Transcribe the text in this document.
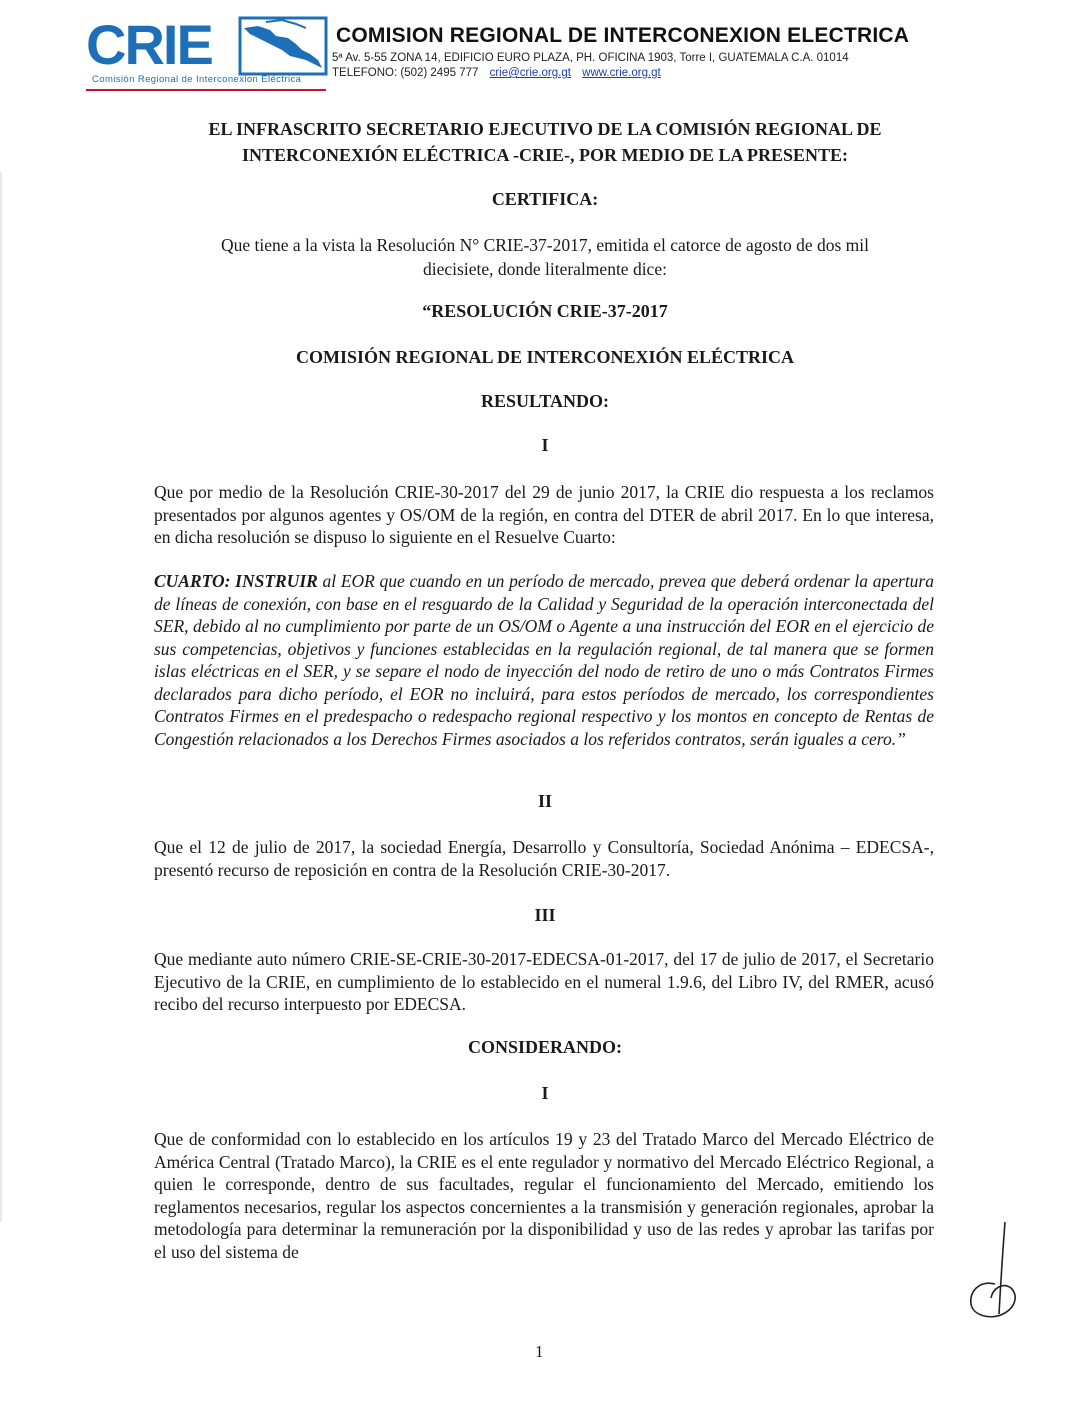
CRIE
Comisión Regional de Interconexion Eléctrica
COMISION REGIONAL DE INTERCONEXION ELECTRICA
5ª Av. 5-55 ZONA 14, EDIFICIO EURO PLAZA, PH. OFICINA 1903, Torre I, GUATEMALA C.A. 01014
TELEFONO: (502) 2495 777 crie@crie.org.gt www.crie.org.gt
EL INFRASCRITO SECRETARIO EJECUTIVO DE LA COMISIÓN REGIONAL DE
INTERCONEXIÓN ELÉCTRICA -CRIE-, POR MEDIO DE LA PRESENTE:
CERTIFICA:
Que tiene a la vista la Resolución N° CRIE-37-2017, emitida el catorce de agosto de dos mil
diecisiete, donde literalmente dice:
“RESOLUCIÓN CRIE-37-2017
COMISIÓN REGIONAL DE INTERCONEXIÓN ELÉCTRICA
RESULTANDO:
I
Que por medio de la Resolución CRIE-30-2017 del 29 de junio 2017, la CRIE dio respuesta a los reclamos presentados por algunos agentes y OS/OM de la región, en contra del DTER de abril 2017. En lo que interesa, en dicha resolución se dispuso lo siguiente en el Resuelve Cuarto:
CUARTO: INSTRUIR al EOR que cuando en un período de mercado, prevea que deberá ordenar la apertura de líneas de conexión, con base en el resguardo de la Calidad y Seguridad de la operación interconectada del SER, debido al no cumplimiento por parte de un OS/OM o Agente a una instrucción del EOR en el ejercicio de sus competencias, objetivos y funciones establecidas en la regulación regional, de tal manera que se formen islas eléctricas en el SER, y se separe el nodo de inyección del nodo de retiro de uno o más Contratos Firmes declarados para dicho período, el EOR no incluirá, para estos períodos de mercado, los correspondientes Contratos Firmes en el predespacho o redespacho regional respectivo y los montos en concepto de Rentas de Congestión relacionados a los Derechos Firmes asociados a los referidos contratos, serán iguales a cero.”
II
Que el 12 de julio de 2017, la sociedad Energía, Desarrollo y Consultoría, Sociedad Anónima – EDECSA-, presentó recurso de reposición en contra de la Resolución CRIE-30-2017.
III
Que mediante auto número CRIE-SE-CRIE-30-2017-EDECSA-01-2017, del 17 de julio de 2017, el Secretario Ejecutivo de la CRIE, en cumplimiento de lo establecido en el numeral 1.9.6, del Libro IV, del RMER, acusó recibo del recurso interpuesto por EDECSA.
CONSIDERANDO:
I
Que de conformidad con lo establecido en los artículos 19 y 23 del Tratado Marco del Mercado Eléctrico de América Central (Tratado Marco), la CRIE es el ente regulador y normativo del Mercado Eléctrico Regional, a quien le corresponde, dentro de sus facultades, regular el funcionamiento del Mercado, emitiendo los reglamentos necesarios, regular los aspectos concernientes a la transmisión y generación regionales, aprobar la metodología para determinar la remuneración por la disponibilidad y uso de las redes y aprobar las tarifas por el uso del sistema de
1
